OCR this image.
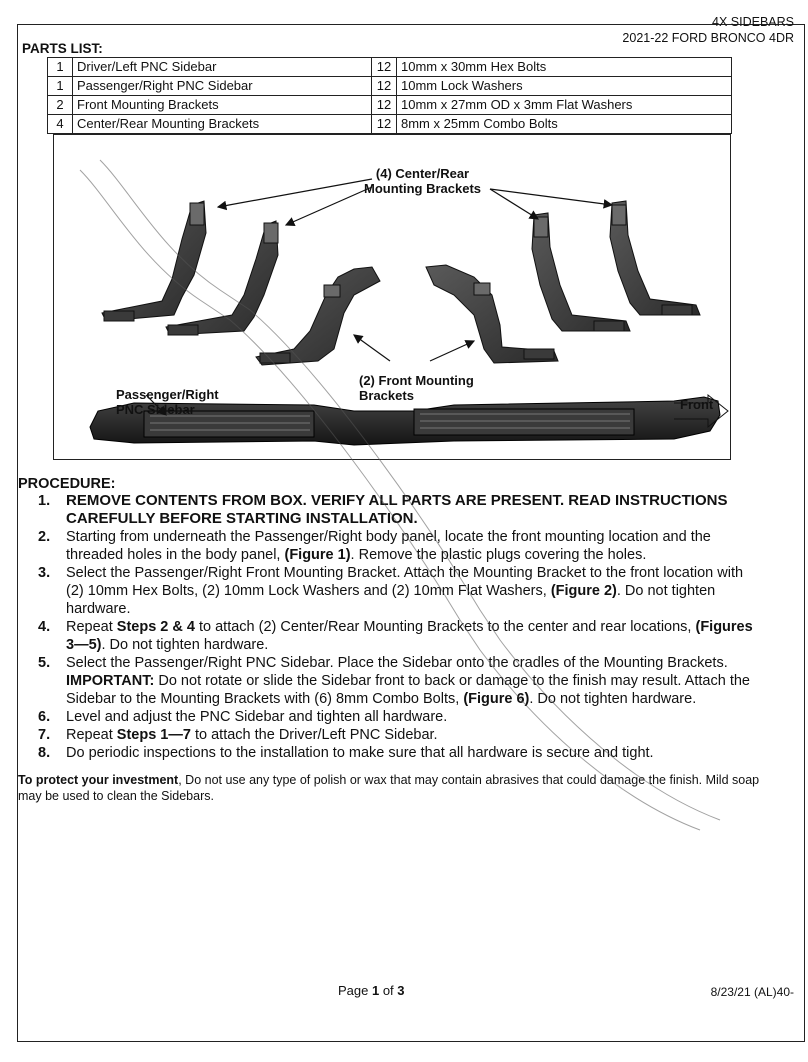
4X SIDEBARS
2021-22 FORD BRONCO 4DR
PARTS LIST:
1	Driver/Left PNC Sidebar	12	10mm x 30mm Hex Bolts
1	Passenger/Right PNC Sidebar	12	10mm Lock Washers
2	Front Mounting Brackets	12	10mm x 27mm OD x 3mm Flat Washers
4	Center/Rear Mounting Brackets	12	8mm x 25mm Combo Bolts
(4) Center/Rear
Mounting Brackets
(2) Front Mounting
Brackets
Passenger/Right
PNC Sidebar	Front
PROCEDURE:
1.	REMOVE CONTENTS FROM BOX. VERIFY ALL PARTS ARE PRESENT. READ INSTRUCTIONS CAREFULLY BEFORE STARTING INSTALLATION.
2.	Starting from underneath the Passenger/Right body panel, locate the front mounting location and the threaded holes in the body panel, (Figure 1). Remove the plastic plugs covering the holes.
3.	Select the Passenger/Right Front Mounting Bracket. Attach the Mounting Bracket to the front location with (2) 10mm Hex Bolts, (2) 10mm Lock Washers and (2) 10mm Flat Washers, (Figure 2). Do not tighten hardware.
4.	Repeat Steps 2 & 4 to attach (2) Center/Rear Mounting Brackets to the center and rear locations, (Figures 3—5). Do not tighten hardware.
5.	Select the Passenger/Right PNC Sidebar. Place the Sidebar onto the cradles of the Mounting Brackets. IMPORTANT: Do not rotate or slide the Sidebar front to back or damage to the finish may result. Attach the Sidebar to the Mounting Brackets with (6) 8mm Combo Bolts, (Figure 6). Do not tighten hardware.
6.	Level and adjust the PNC Sidebar and tighten all hardware.
7.	Repeat Steps 1—7 to attach the Driver/Left PNC Sidebar.
8.	Do periodic inspections to the installation to make sure that all hardware is secure and tight.
To protect your investment, Do not use any type of polish or wax that may contain abrasives that could damage the finish. Mild soap may be used to clean the Sidebars.
Page 1 of 3	8/23/21 (AL)40-
